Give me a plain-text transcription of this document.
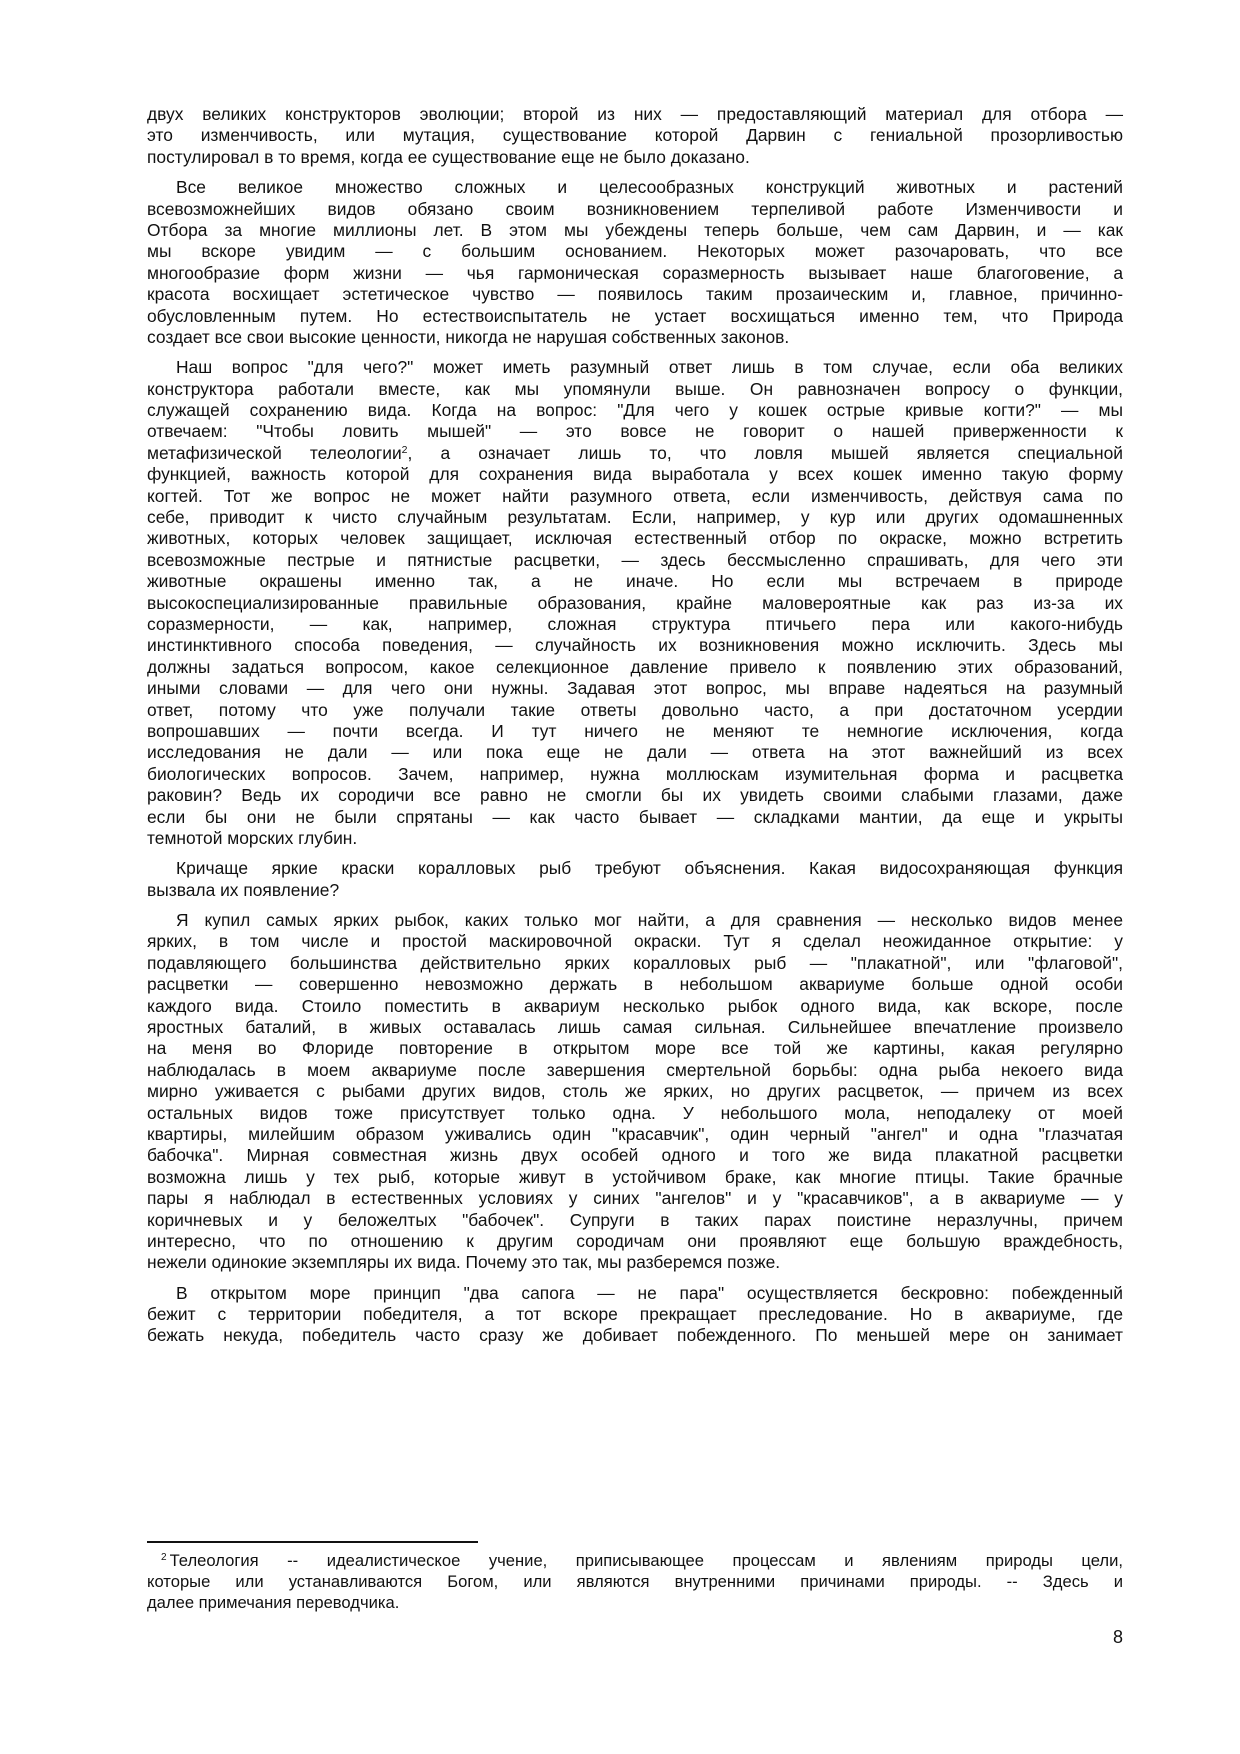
двух великих конструкторов эволюции; второй из них — предоставляющий материал для отбора —
это изменчивость, или мутация, существование которой Дарвин с гениальной прозорливостью
постулировал в то время, когда ее существование еще не было доказано.

Все великое множество сложных и целесообразных конструкций животных и растений
всевозможнейших видов обязано своим возникновением терпеливой работе Изменчивости и
Отбора за многие миллионы лет. В этом мы убеждены теперь больше, чем сам Дарвин, и — как
мы вскоре увидим — с большим основанием. Некоторых может разочаровать, что все
многообразие форм жизни — чья гармоническая соразмерность вызывает наше благоговение, а
красота восхищает эстетическое чувство — появилось таким прозаическим и, главное, причинно-
обусловленным путем. Но естествоиспытатель не устает восхищаться именно тем, что Природа
создает все свои высокие ценности, никогда не нарушая собственных законов.

Наш вопрос "для чего?" может иметь разумный ответ лишь в том случае, если оба великих
конструктора работали вместе, как мы упомянули выше. Он равнозначен вопросу о функции,
служащей сохранению вида. Когда на вопрос: "Для чего у кошек острые кривые когти?" — мы
отвечаем: "Чтобы ловить мышей" — это вовсе не говорит о нашей приверженности к
метафизической телеологии$^2$, а означает лишь то, что ловля мышей является специальной
функцией, важность которой для сохранения вида выработала у всех кошек именно такую форму
когтей. Тот же вопрос не может найти разумного ответа, если изменчивость, действуя сама по
себе, приводит к чисто случайным результатам. Если, например, у кур или других одомашненных
животных, которых человек защищает, исключая естественный отбор по окраске, можно встретить
всевозможные пестрые и пятнистые расцветки, — здесь бессмысленно спрашивать, для чего эти
животные окрашены именно так, а не иначе. Но если мы встречаем в природе
высокоспециализированные правильные образования, крайне маловероятные как раз из-за их
соразмерности, — как, например, сложная структура птичьего пера или какого-нибудь
инстинктивного способа поведения, — случайность их возникновения можно исключить. Здесь мы
должны задаться вопросом, какое селекционное давление привело к появлению этих образований,
иными словами — для чего они нужны. Задавая этот вопрос, мы вправе надеяться на разумный
ответ, потому что уже получали такие ответы довольно часто, а при достаточном усердии
вопрошавших — почти всегда. И тут ничего не меняют те немногие исключения, когда
исследования не дали — или пока еще не дали — ответа на этот важнейший из всех
биологических вопросов. Зачем, например, нужна моллюскам изумительная форма и расцветка
раковин? Ведь их сородичи все равно не смогли бы их увидеть своими слабыми глазами, даже
если бы они не были спрятаны — как часто бывает — складками мантии, да еще и укрыты
темнотой морских глубин.

Кричаще яркие краски коралловых рыб требуют объяснения. Какая видосохраняющая функция
вызвала их появление?

Я купил самых ярких рыбок, каких только мог найти, а для сравнения — несколько видов менее
ярких, в том числе и простой маскировочной окраски. Тут я сделал неожиданное открытие: у
подавляющего большинства действительно ярких коралловых рыб — "плакатной", или "флаговой",
расцветки — совершенно невозможно держать в небольшом аквариуме больше одной особи
каждого вида. Стоило поместить в аквариум несколько рыбок одного вида, как вскоре, после
яростных баталий, в живых оставалась лишь самая сильная. Сильнейшее впечатление произвело
на меня во Флориде повторение в открытом море все той же картины, какая регулярно
наблюдалась в моем аквариуме после завершения смертельной борьбы: одна рыба некоего вида
мирно уживается с рыбами других видов, столь же ярких, но других расцветок, — причем из всех
остальных видов тоже присутствует только одна. У небольшого мола, неподалеку от моей
квартиры, милейшим образом уживались один "красавчик", один черный "ангел" и одна "глазчатая
бабочка". Мирная совместная жизнь двух особей одного и того же вида плакатной расцветки
возможна лишь у тех рыб, которые живут в устойчивом браке, как многие птицы. Такие брачные
пары я наблюдал в естественных условиях у синих "ангелов" и у "красавчиков", а в аквариуме — у
коричневых и у беложелтых "бабочек". Супруги в таких парах поистине неразлучны, причем
интересно, что по отношению к другим сородичам они проявляют еще большую враждебность,
нежели одинокие экземпляры их вида. Почему это так, мы разберемся позже.

В открытом море принцип "два сапога — не пара" осуществляется бескровно: побежденный
бежит с территории победителя, а тот вскоре прекращает преследование. Но в аквариуме, где
бежать некуда, победитель часто сразу же добивает побежденного. По меньшей мере он занимает

$^2$ Телеология -- идеалистическое учение, приписывающее процессам и явлениям природы цели,
которые или устанавливаются Богом, или являются внутренними причинами природы. -- Здесь и
далее примечания переводчика.
8
